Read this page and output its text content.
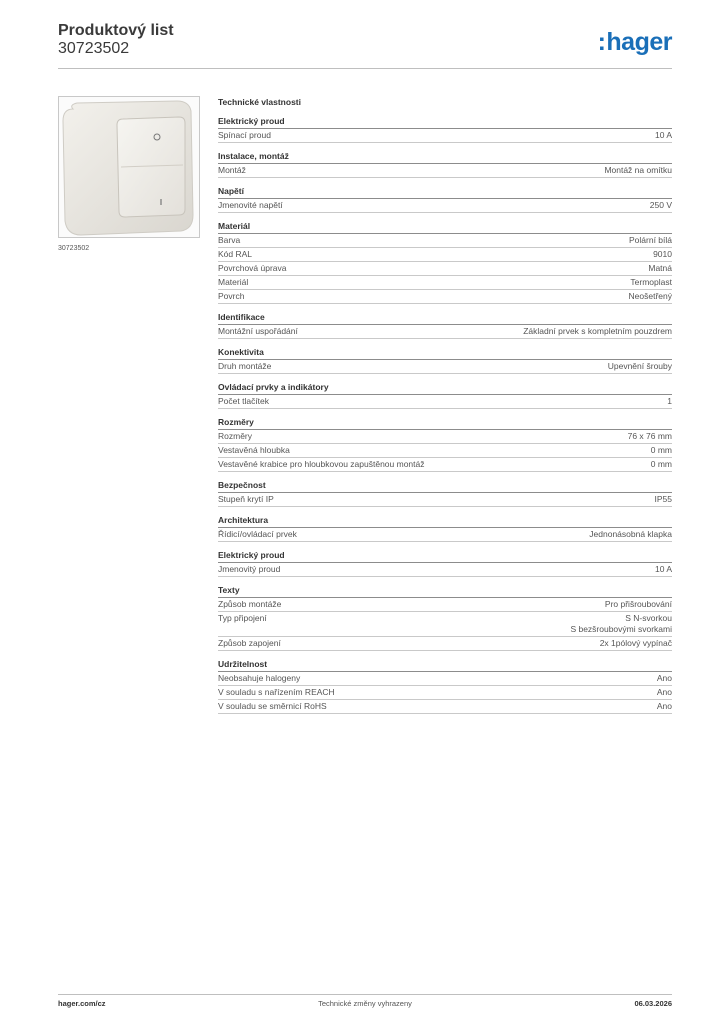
Produktový list
30723502	:hager
30723502
Technické vlastnosti
Elektrický proud
Spínací proud	10 A
Instalace, montáž
Montáž	Montáž na omítku
Napětí
Jmenovité napětí	250 V
Materiál
Barva	Polární bílá
Kód RAL	9010
Povrchová úprava	Matná
Materiál	Termoplast
Povrch	Neošetřený
Identifikace
Montážní uspořádání	Základní prvek s kompletním pouzdrem
Konektivita
Druh montáže	Upevnění šrouby
Ovládací prvky a indikátory
Počet tlačítek	1
Rozměry
Rozměry	76 x 76 mm
Vestavěná hloubka	0 mm
Vestavěné krabice pro hloubkovou zapuštěnou montáž	0 mm
Bezpečnost
Stupeň krytí IP	IP55
Architektura
Řídicí/ovládací prvek	Jednonásobná klapka
Elektrický proud
Jmenovitý proud	10 A
Texty
Způsob montáže	Pro přišroubování
Typ připojení	S N-svorkou
S bezšroubovými svorkami
Způsob zapojení	2x 1pólový vypínač
Udržitelnost
Neobsahuje halogeny	Ano
V souladu s nařízením REACH	Ano
V souladu se směrnicí RoHS	Ano
hager.com/cz	Technické změny vyhrazeny	06.03.2026
